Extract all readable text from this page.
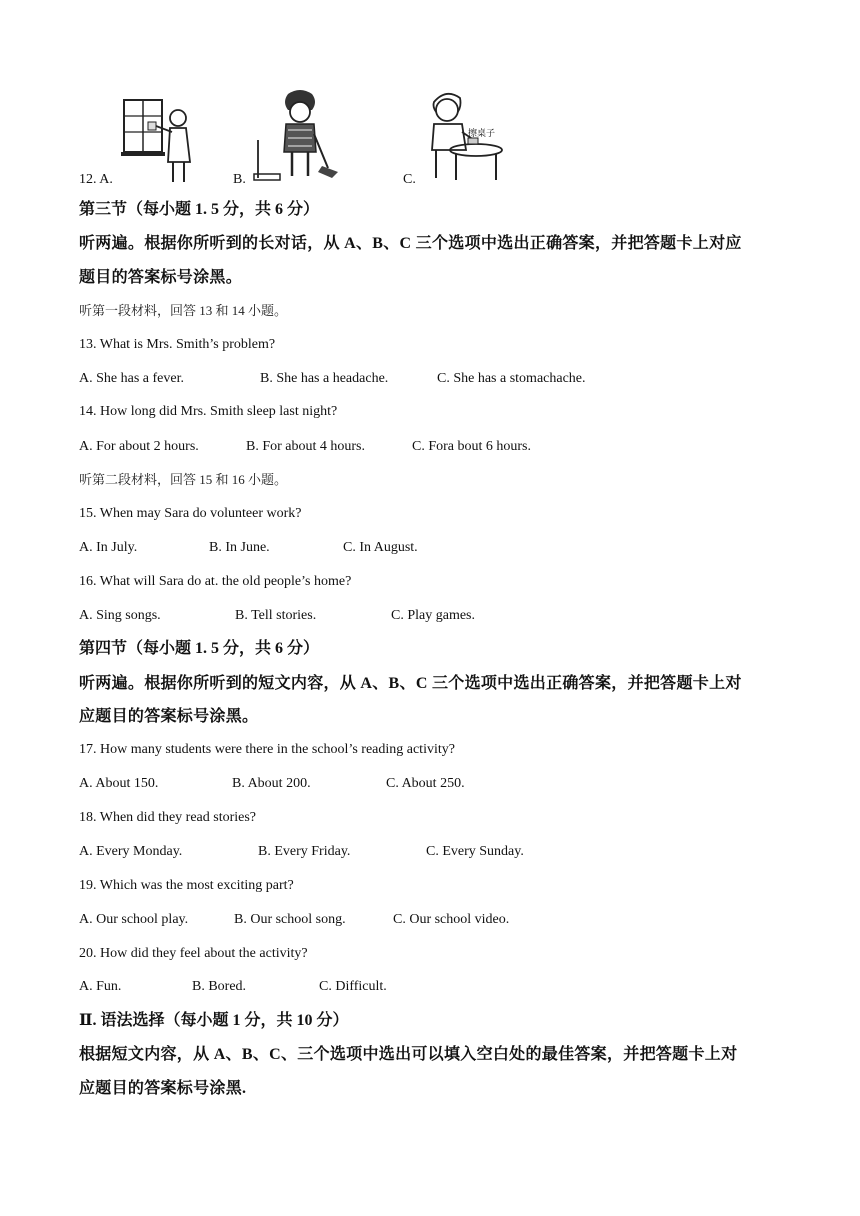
12. A.	B.	C.
擦桌子
第三节（每小题 1. 5 分，共 6 分）
听两遍。根据你所听到的长对话，从 A、B、C 三个选项中选出正确答案，并把答题卡上对应
题目的答案标号涂黑。
听第一段材料，回答 13 和 14 小题。
13. What is Mrs. Smith’s problem?
A. She has a fever.	B. She has a headache.	C. She has a stomachache.
14. How long did Mrs. Smith sleep last night?
A. For about 2 hours.	B. For about 4 hours.	C. Fora bout 6 hours.
听第二段材料，回答 15 和 16 小题。
15. When may Sara do volunteer work?
A. In July.	B. In June.	C. In August.
16. What will Sara do at. the old people’s home?
A. Sing songs.	B. Tell stories.	C. Play games.
第四节（每小题 1. 5 分，共 6 分）
听两遍。根据你所听到的短文内容，从 A、B、C 三个选项中选出正确答案，并把答题卡上对
应题目的答案标号涂黑。
17. How many students were there in the school’s reading activity?
A. About 150.	B. About 200.	C. About 250.
18. When did they read stories?
A. Every Monday.	B. Every Friday.	C. Every Sunday.
19. Which was the most exciting part?
A. Our school play.	B. Our school song.	C. Our school video.
20. How did they feel about the activity?
A. Fun.	B. Bored.	C. Difficult.
Ⅱ. 语法选择（每小题 1 分，共 10 分）
根据短文内容，从 A、B、C、三个选项中选出可以填入空白处的最佳答案，并把答题卡上对
应题目的答案标号涂黑.
